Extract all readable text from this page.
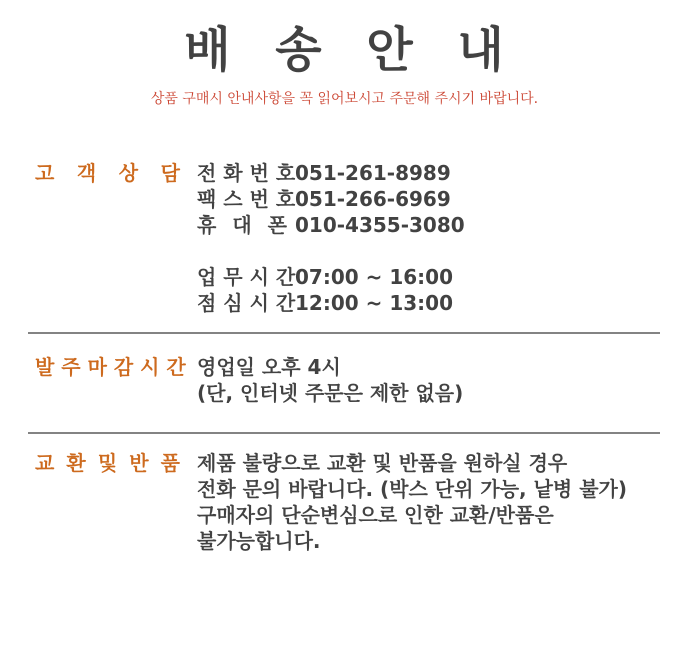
배 송 안 내

상품 구매시 안내사항을 꼭 읽어보시고 주문해 주시기 바랍니다.

고 객 상 담 전 화 번 호051-261-8989
팩 스 번 호051-266-6969
휴 대 폰 010-4355-3080
업 무 시 간07:00 ~ 16:00
점 심 시 간12:00 ~ 13:00
발 주 마 감 시 간 영업일 오후 4시
(단, 인터넷 주문은 제한 없음)
교 환 및 반 품 제품 불량으로 교환 및 반품을 원하실 경우
전화 문의 바랍니다. (박스 단위 가능, 낱병 불가)
구매자의 단순변심으로 인한 교환/반품은
불가능합니다.
